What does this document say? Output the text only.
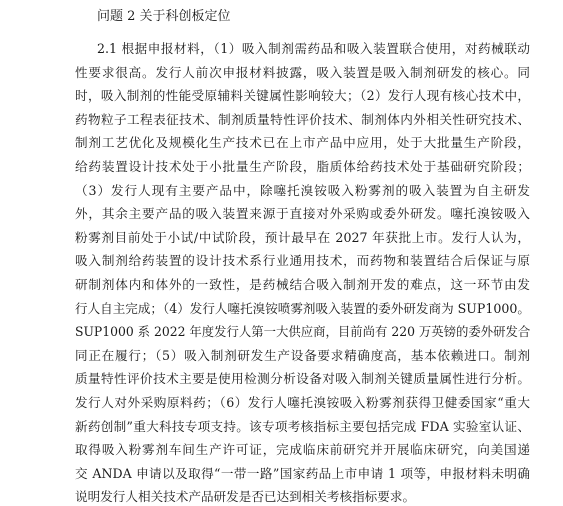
问题 2 关于科创板定位
2.1 根据申报材料，（1）吸入制剂需药品和吸入装置联合使用，对药械联动
性要求很高。发行人前次申报材料披露，吸入装置是吸入制剂研发的核心。同
时，吸入制剂的性能受原辅料关键属性影响较大；（2）发行人现有核心技术中，
药物粒子工程表征技术、制剂质量特性评价技术、制剂体内外相关性研究技术、
制剂工艺优化及规模化生产技术已在上市产品中应用，处于大批量生产阶段，
给药装置设计技术处于小批量生产阶段，脂质体给药技术处于基础研究阶段；
（3）发行人现有主要产品中，除噻托溴铵吸入粉雾剂的吸入装置为自主研发
外，其余主要产品的吸入装置来源于直接对外采购或委外研发。噻托溴铵吸入
粉雾剂目前处于小试/中试阶段，预计最早在 2027 年获批上市。发行人认为，
吸入制剂给药装置的设计技术系行业通用技术，而药物和装置结合后保证与原
研制剂体内和体外的一致性，是药械结合吸入制剂开发的难点，这一环节由发
行人自主完成；（4）发行人噻托溴铵喷雾剂吸入装置的委外研发商为 SUP1000。
SUP1000 系 2022 年度发行人第一大供应商，目前尚有 220 万英镑的委外研发合
同正在履行；（5）吸入制剂研发生产设备要求精确度高，基本依赖进口。制剂
质量特性评价技术主要是使用检测分析设备对吸入制剂关键质量属性进行分析。
发行人对外采购原料药；（6）发行人噻托溴铵吸入粉雾剂获得卫健委国家“重大
新药创制”重大科技专项支持。该专项考核指标主要包括完成 FDA 实验室认证、
取得吸入粉雾剂车间生产许可证，完成临床前研究并开展临床研究，向美国递
交 ANDA 申请以及取得“一带一路”国家药品上市申请 1 项等，申报材料未明确
说明发行人相关技术产品研发是否已达到相关考核指标要求。
